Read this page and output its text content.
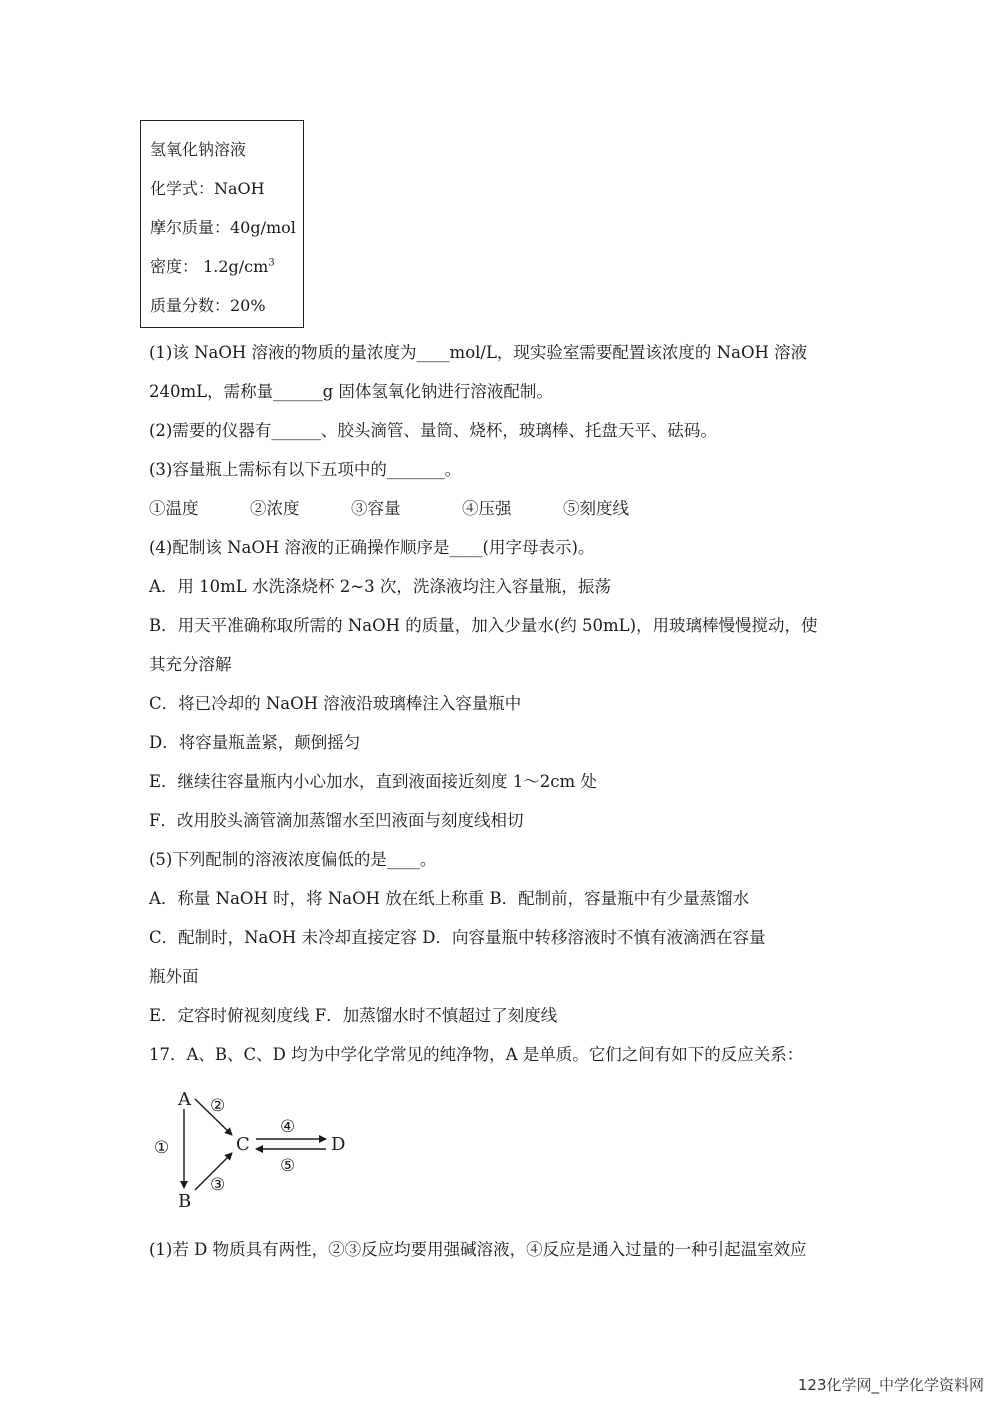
氢氧化钠溶液
化学式：NaOH
摩尔质量：40g/mol
密度： $1.2g/cm^3$
质量分数：20%
(1)该 NaOH 溶液的物质的量浓度为____mol/L，现实验室需要配置该浓度的 NaOH 溶液
240mL，需称量______g 固体氢氧化钠进行溶液配制。
(2)需要的仪器有______、胶头滴管、量筒、烧杯，玻璃棒、托盘天平、砝码。
(3)容量瓶上需标有以下五项中的_______。
①温度	②浓度	③容量	④压强	⑤刻度线
(4)配制该 NaOH 溶液的正确操作顺序是____(用字母表示)。
A．用 10mL 水洗涤烧杯 2~3 次，洗涤液均注入容量瓶，振荡
B．用天平准确称取所需的 NaOH 的质量，加入少量水(约 50mL)，用玻璃棒慢慢搅动，使
其充分溶解
C．将已冷却的 NaOH 溶液沿玻璃棒注入容量瓶中
D．将容量瓶盖紧，颠倒摇匀
E．继续往容量瓶内小心加水，直到液面接近刻度 1～2cm 处
F．改用胶头滴管滴加蒸馏水至凹液面与刻度线相切
(5)下列配制的溶液浓度偏低的是____。
A．称量 NaOH 时，将 NaOH 放在纸上称重 B．配制前，容量瓶中有少量蒸馏水
C．配制时，NaOH 未冷却直接定容 D．向容量瓶中转移溶液时不慎有液滴洒在容量
瓶外面
E．定容时俯视刻度线 F．加蒸馏水时不慎超过了刻度线
17．A、B、C、D 均为中学化学常见的纯净物，A 是单质。它们之间有如下的反应关系：
A
B
C	D
①
②
③
④
⑤
(1)若 D 物质具有两性，②③反应均要用强碱溶液，④反应是通入过量的一种引起温室效应
123化学网_中学化学资料网
